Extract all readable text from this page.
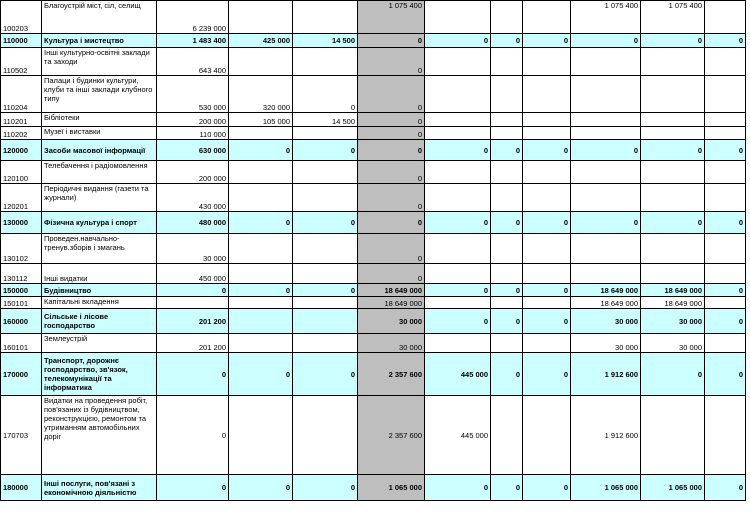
100203	Благоустрій міст, сіл, селищ	6 239 000			1 075 400				1 075 400	1 075 400	
110000	Культура і мистецтво	1 483 400	425 000	14 500	0	0	0	0	0	0	0
110502	Інші культурно-освітні заклади та заходи	643 400			0						
110204	Палаци і будинки культури, клуби та інші заклади клубного типу	530 000	320 000	0	0						
110201	Бібліотеки	200 000	105 000	14 500	0						
110202	Музеї і виставки	110 000			0						
120000	Засоби масової інформації	630 000	0	0	0	0	0	0	0	0	0
120100	Телебачення і радіомовлення	200 000			0						
120201	Періодичні видання (газети та журнали)	430 000			0						
130000	Фізична культура і спорт	480 000	0	0	0	0	0	0	0	0	0
130102	Проведен.навчально-тренув.зборів і змагань	30 000			0						
130112	Інші видатки	450 000			0						
150000	Будівництво	0	0	0	18 649 000	0	0	0	18 649 000	18 649 000	0
150101	Капітальні вкладення				18 649 000				18 649 000	18 649 000	
160000	Сільське і лісове господарство	201 200			30 000	0	0	0	30 000	30 000	0
160101	Землеустрій	201 200			30 000				30 000	30 000	
170000	Транспорт, дорожнє господарство, зв'язок, телекомунікації та інформатика	0	0	0	2 357 600	445 000	0	0	1 912 600	0	0
170703	Видатки на проведення робіт, пов'язаних із будівництвом, реконструкцією, ремонтом та утриманням автомобільних доріг	0			2 357 600	445 000			1 912 600		
180000	Інші послуги, пов'язані з економічною діяльністю	0	0	0	1 065 000	0	0	0	1 065 000	1 065 000	0
